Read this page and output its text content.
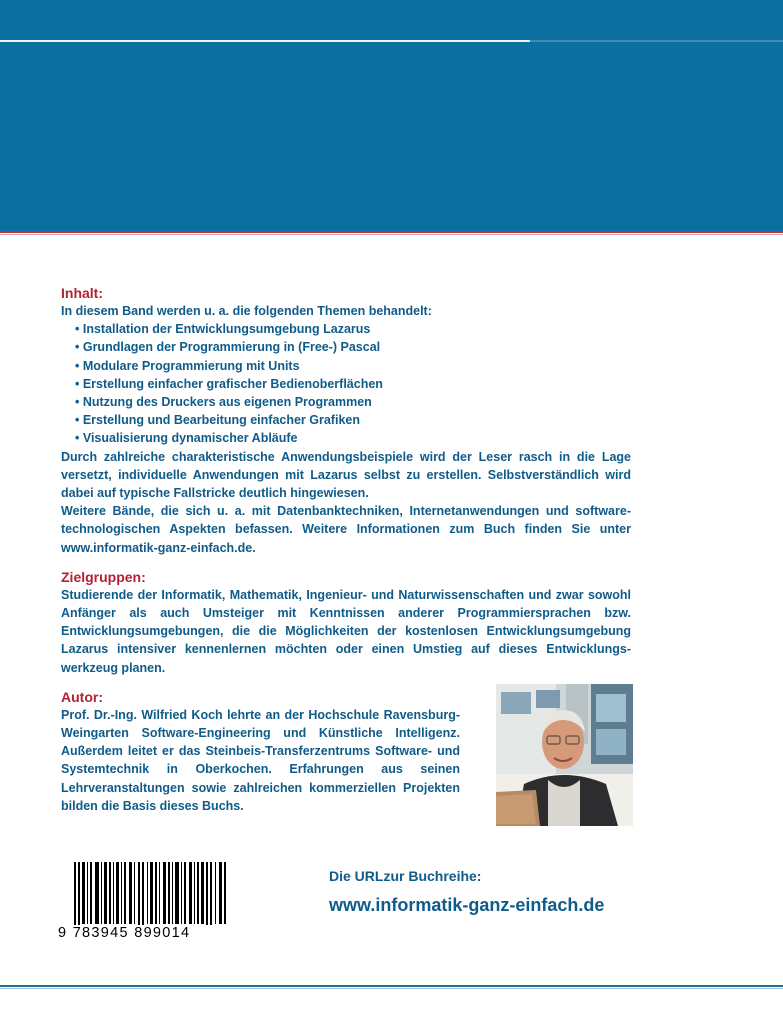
Inhalt:

In diesem Band werden u. a. die folgenden Themen behandelt:

• Installation der Entwicklungsumgebung Lazarus
• Grundlagen der Programmierung in (Free-) Pascal
• Modulare Programmierung mit Units
• Erstellung einfacher grafischer Bedienoberflächen
• Nutzung des Druckers aus eigenen Programmen
• Erstellung und Bearbeitung einfacher Grafiken
• Visualisierung dynamischer Abläufe

Durch zahlreiche charakteristische Anwendungsbeispiele wird der Leser rasch in die Lage versetzt, individuelle Anwendungen mit Lazarus selbst zu erstellen. Selbstverständlich wird dabei auf typische Fallstricke deutlich hingewiesen.

Weitere Bände, die sich u. a. mit Datenbanktechniken, Internetanwendungen und software-technologischen Aspekten befassen. Weitere Informationen zum Buch finden Sie unter www.informatik-ganz-einfach.de.

Zielgruppen:

Studierende der Informatik, Mathematik, Ingenieur- und Naturwissenschaften und zwar sowohl Anfänger als auch Umsteiger mit Kenntnissen anderer Programmiersprachen bzw. Entwicklungsumgebungen, die die Möglichkeiten der kostenlosen Entwicklungsumgebung Lazarus intensiver kennenlernen möchten oder einen Umstieg auf dieses Entwicklungs-werkzeug planen.

Autor:

Prof. Dr.-Ing. Wilfried Koch lehrte an der Hochschule Ravensburg-Weingarten Software-Engineering und Künstliche Intelligenz. Außerdem leitet er das Steinbeis-Transferzentrums Software- und Systemtechnik in Oberkochen. Erfahrungen aus seinen Lehrveranstaltungen sowie zahlreichen kommerziellen Projekten bilden die Basis dieses Buchs.

9 783945 899014
Die URLzur Buchreihe:
www.informatik-ganz-einfach.de
